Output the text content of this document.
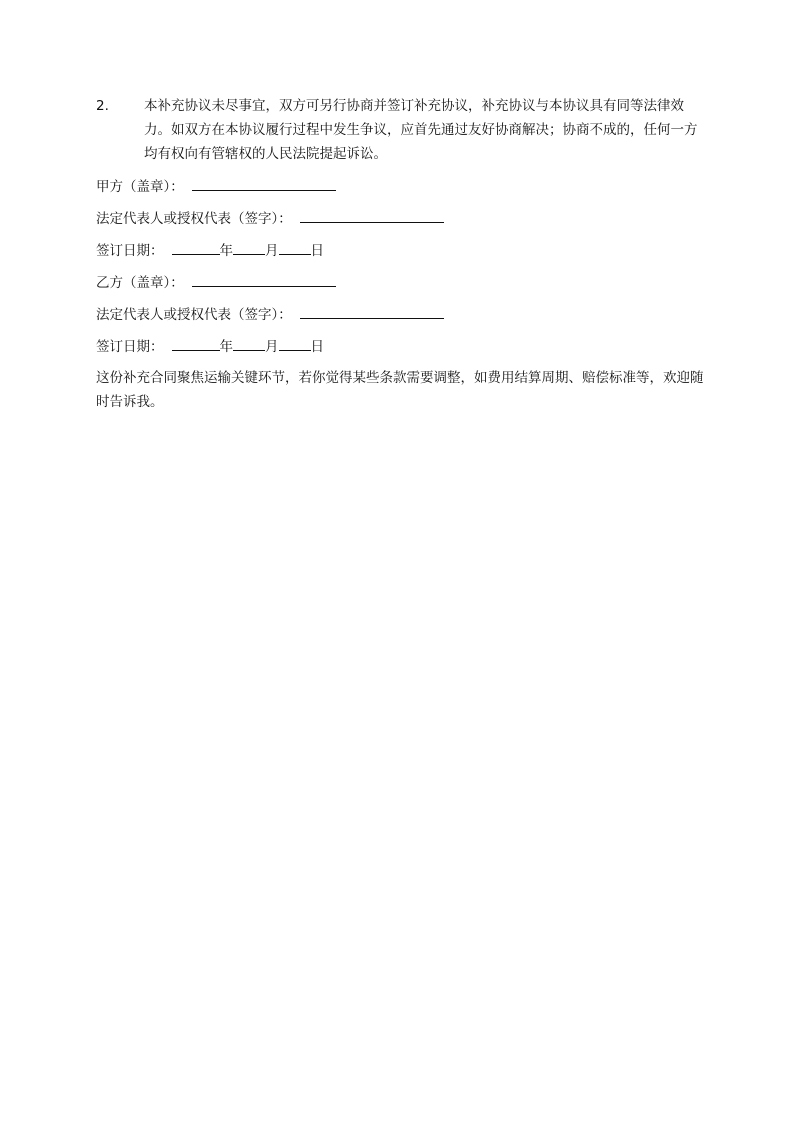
2.	本补充协议未尽事宜，双方可另行协商并签订补充协议，补充协议与本协议具有同等法律效力。如双方在本协议履行过程中发生争议，应首先通过友好协商解决；协商不成的，任何一方均有权向有管辖权的人民法院提起诉讼。
甲方（盖章）：
法定代表人或授权代表（签字）：
签订日期：	年 月 日
乙方（盖章）：
法定代表人或授权代表（签字）：
签订日期：	年 月 日

这份补充合同聚焦运输关键环节，若你觉得某些条款需要调整，如费用结算周期、赔偿标准等，欢迎随时告诉我。
